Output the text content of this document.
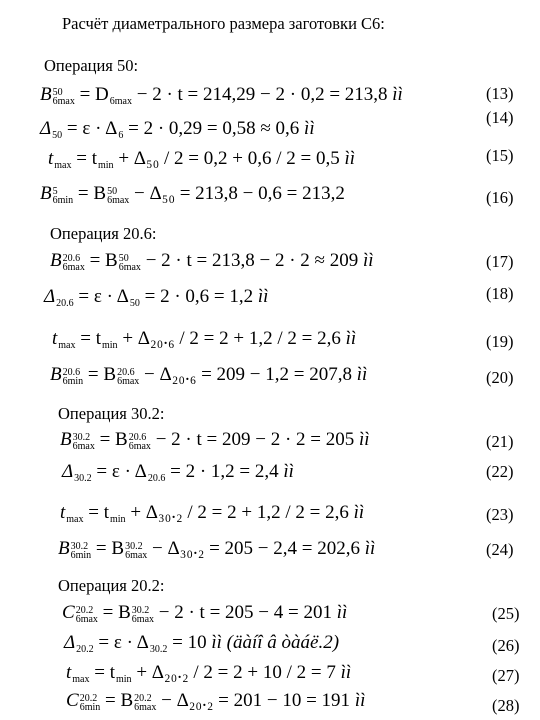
Расчёт диаметрального размера заготовки С6:
Операция 50:
Операция 20.6:
Операция 30.2:
Операция 20.2:
B 50
6max = D
6max − 2 · t = 214,29 − 2 · 0,2 = 213,8 ìì	(13)
Δ
50 = ε · Δ
6 = 2 · 0,29 = 0,58 ≈ 0,6 ìì
(14)
t
max = t
min + Δ₅₀ / 2 = 0,2 + 0,6 / 2 = 0,5 ìì	(15)
B 5
6min = B 50
6max − Δ₅₀ = 213,8 − 0,6 = 213,2	(16)
B 20.6
6max = B 50
6max − 2 · t = 213,8 − 2 · 2 ≈ 209 ìì	(17)
Δ
20.6 = ε · Δ
50 = 2 · 0,6 = 1,2 ìì	(18)
t
max = t
min + Δ₂₀.₆ / 2 = 2 + 1,2 / 2 = 2,6 ìì	(19)
B 20.6
6min = B 20.6
6max − Δ₂₀.₆ = 209 − 1,2 = 207,8 ìì	(20)
B 30.2
6max = B 20.6
6max − 2 · t = 209 − 2 · 2 = 205 ìì	(21)
Δ
30.2 = ε · Δ
20.6 = 2 · 1,2 = 2,4 ìì	(22)
t
max = t
min + Δ₃₀.₂ / 2 = 2 + 1,2 / 2 = 2,6 ìì	(23)
B 30.2
6min = B 30.2
6max − Δ₃₀.₂ = 205 − 2,4 = 202,6 ìì	(24)
C 20.2
6max = B 30.2
6max − 2 · t = 205 − 4 = 201 ìì	(25)
Δ
20.2 = ε · Δ
30.2 = 10 ìì (äàíî â òàáë.2)	(26)
t
max = t
min + Δ₂₀.₂ / 2 = 2 + 10 / 2 = 7 ìì	(27)
C 20.2
6min = B 20.2
6max − Δ₂₀.₂ = 201 − 10 = 191 ìì	(28)
